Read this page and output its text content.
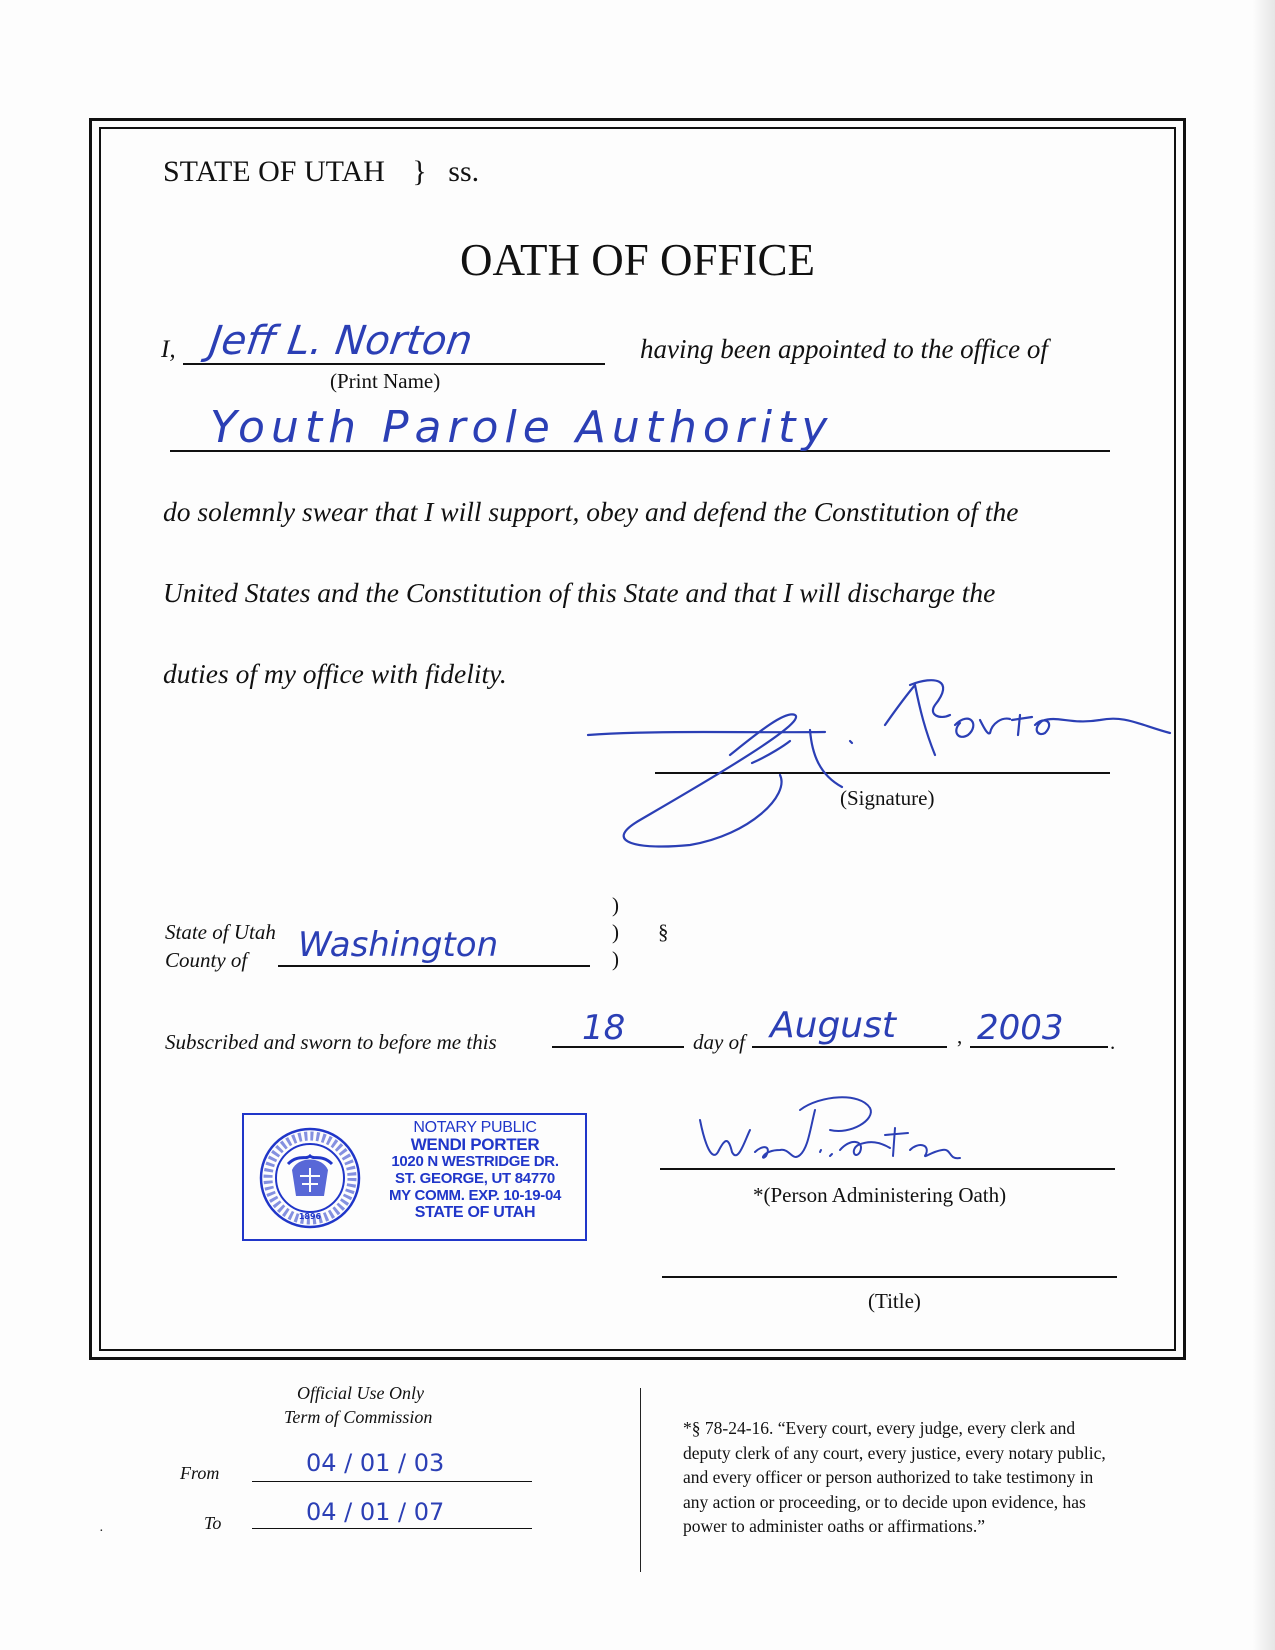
STATE OF UTAH } ss.
OATH OF OFFICE
I, Jeff L. Norton
(Print Name)
having been appointed to the office of
Youth Parole Authority
do solemnly swear that I will support, obey and defend the Constitution of the
United States and the Constitution of this State and that I will discharge the
duties of my office with fidelity.
(Signature)
State of Utah
County of Washington
)
)
)
§
Subscribed and sworn to before me this	18	day of August	, 2003 .
1896
NOTARY PUBLIC
WENDI PORTER
1020 N WESTRIDGE DR.
ST. GEORGE, UT 84770
MY COMM. EXP. 10-19-04
STATE OF UTAH
*(Person Administering Oath)
(Title)
Official Use Only
Term of Commission
From	04 / 01 / 03
To	04 / 01 / 07
·
*§ 78-24-16. “Every court, every judge, every clerk and
deputy clerk of any court, every justice, every notary public,
and every officer or person authorized to take testimony in
any action or proceeding, or to decide upon evidence, has
power to administer oaths or affirmations.”
